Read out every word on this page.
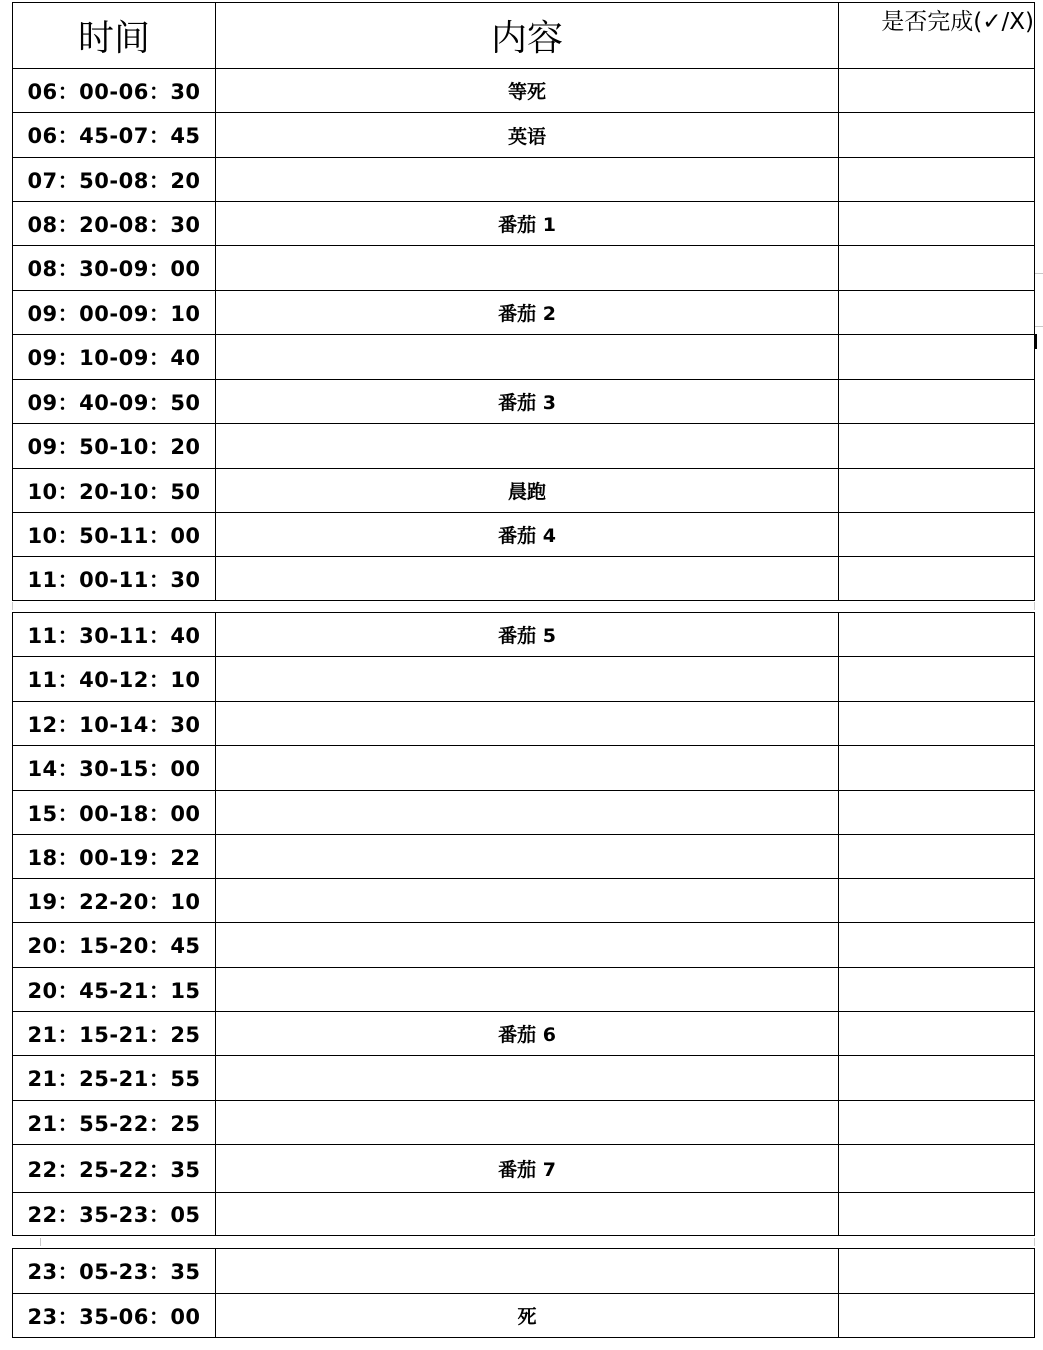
时间	内容	是否完成(✓/X)
06：00-06：30	等死	
06：45-07：45	英语	
07：50-08：20		
08：20-08：30	番茄 1	
08：30-09：00		
09：00-09：10	番茄 2	
09：10-09：40		
09：40-09：50	番茄 3	
09：50-10：20		
10：20-10：50	晨跑	
10：50-11：00	番茄 4	
11：00-11：30		
11：30-11：40	番茄 5	
11：40-12：10		
12：10-14：30		
14：30-15：00		
15：00-18：00		
18：00-19：22		
19：22-20：10		
20：15-20：45		
20：45-21：15		
21：15-21：25	番茄 6	
21：25-21：55		
21：55-22：25		
22：25-22：35	番茄 7	
22：35-23：05		
23：05-23：35		
23：35-06：00	死	
